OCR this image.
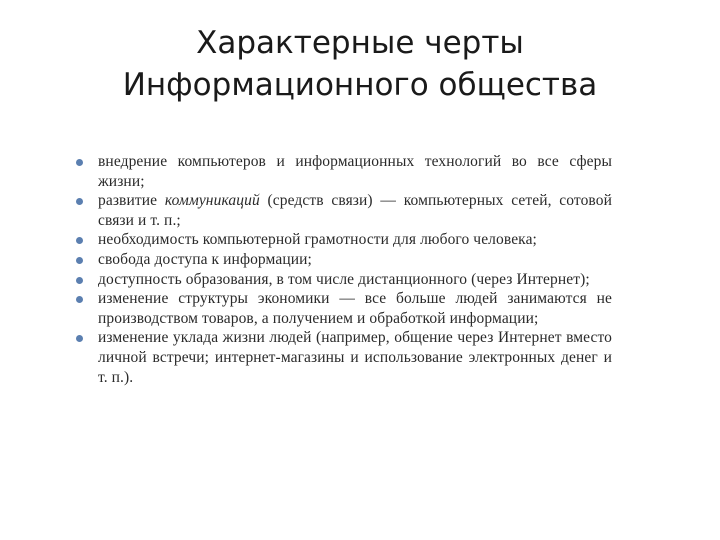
Характерные черты
Информационного общества
внедрение компьютеров и информационных технологий во все сферы жизни;
развитие коммуникаций (средств связи) — компьютерных сетей, сотовой связи и т. п.;
необходимость компьютерной грамотности для любого человека;
свобода доступа к информации;
доступность образования, в том числе дистанционного (через Интернет);
изменение структуры экономики — все больше людей занимаются не производством товаров, а получением и обработкой информации;
изменение уклада жизни людей (например, общение через Интернет вместо личной встречи; интернет-магазины и использование электронных денег и т. п.).
